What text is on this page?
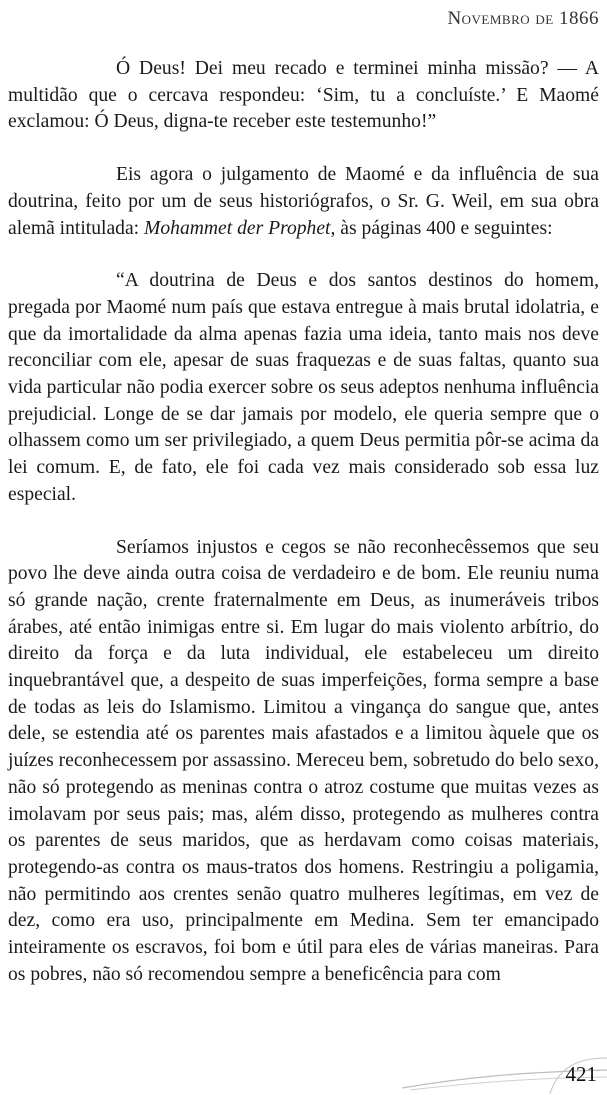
Novembro de 1866

Ó Deus! Dei meu recado e terminei minha missão? — A multidão que o cercava respondeu: ‘Sim, tu a concluíste.’ E Maomé exclamou: Ó Deus, digna-te receber este testemunho!”

Eis agora o julgamento de Maomé e da influência de sua doutrina, feito por um de seus historiógrafos, o Sr. G. Weil, em sua obra alemã intitulada: Mohammet der Prophet, às páginas 400 e seguintes:

“A doutrina de Deus e dos santos destinos do homem, pregada por Maomé num país que estava entregue à mais brutal idolatria, e que da imortalidade da alma apenas fazia uma ideia, tanto mais nos deve reconciliar com ele, apesar de suas fraquezas e de suas faltas, quanto sua vida particular não podia exercer sobre os seus adeptos nenhuma influência prejudicial. Longe de se dar jamais por modelo, ele queria sempre que o olhassem como um ser privilegiado, a quem Deus permitia pôr-se acima da lei comum. E, de fato, ele foi cada vez mais considerado sob essa luz especial.

Seríamos injustos e cegos se não reconhecêssemos que seu povo lhe deve ainda outra coisa de verdadeiro e de bom. Ele reuniu numa só grande nação, crente fraternalmente em Deus, as inumeráveis tribos árabes, até então inimigas entre si. Em lugar do mais violento arbítrio, do direito da força e da luta individual, ele estabeleceu um direito inquebrantável que, a despeito de suas imperfeições, forma sempre a base de todas as leis do Islamismo. Limitou a vingança do sangue que, antes dele, se estendia até os parentes mais afastados e a limitou àquele que os juízes reconhecessem por assassino. Mereceu bem, sobretudo do belo sexo, não só protegendo as meninas contra o atroz costume que muitas vezes as imolavam por seus pais; mas, além disso, protegendo as mulheres contra os parentes de seus maridos, que as herdavam como coisas materiais, protegendo-as contra os maus-tratos dos homens. Restringiu a poligamia, não permitindo aos crentes senão quatro mulheres legítimas, em vez de dez, como era uso, principalmente em Medina. Sem ter emancipado inteiramente os escravos, foi bom e útil para eles de várias maneiras. Para os pobres, não só recomendou sempre a beneficência para com

421
